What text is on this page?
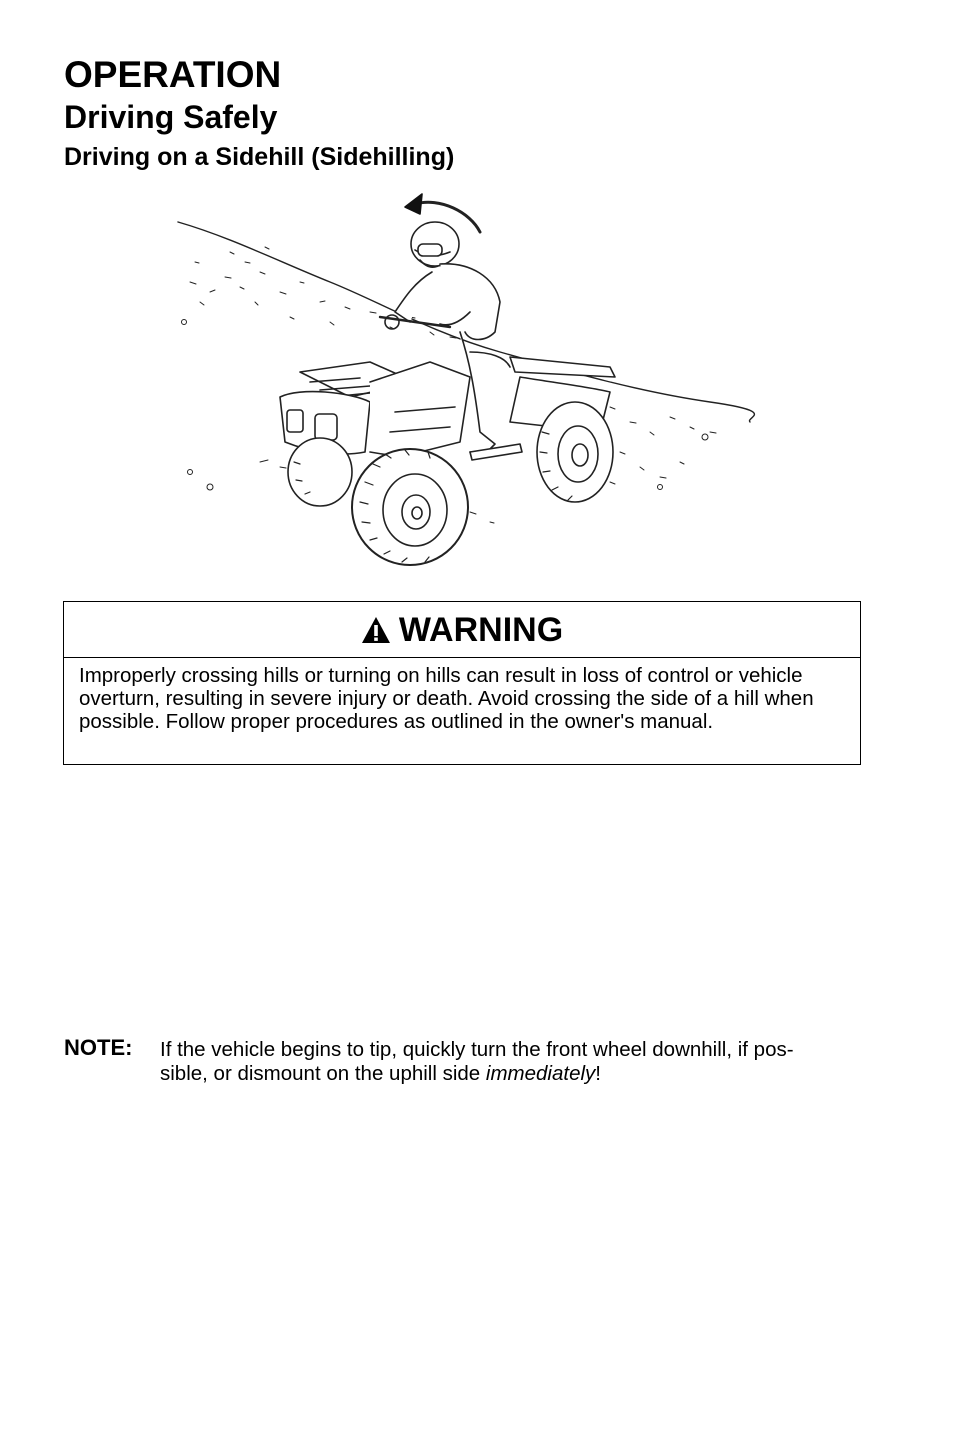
OPERATION
Driving Safely
Driving on a Sidehill (Sidehilling)
WARNING
Improperly crossing hills or turning on hills can result in loss of control or vehicle overturn, resulting in severe injury or death. Avoid crossing the side of a hill when possible. Follow proper procedures as outlined in the owner's manual.
NOTE: If the vehicle begins to tip, quickly turn the front wheel downhill, if pos-
sible, or dismount on the uphill side immediately!
